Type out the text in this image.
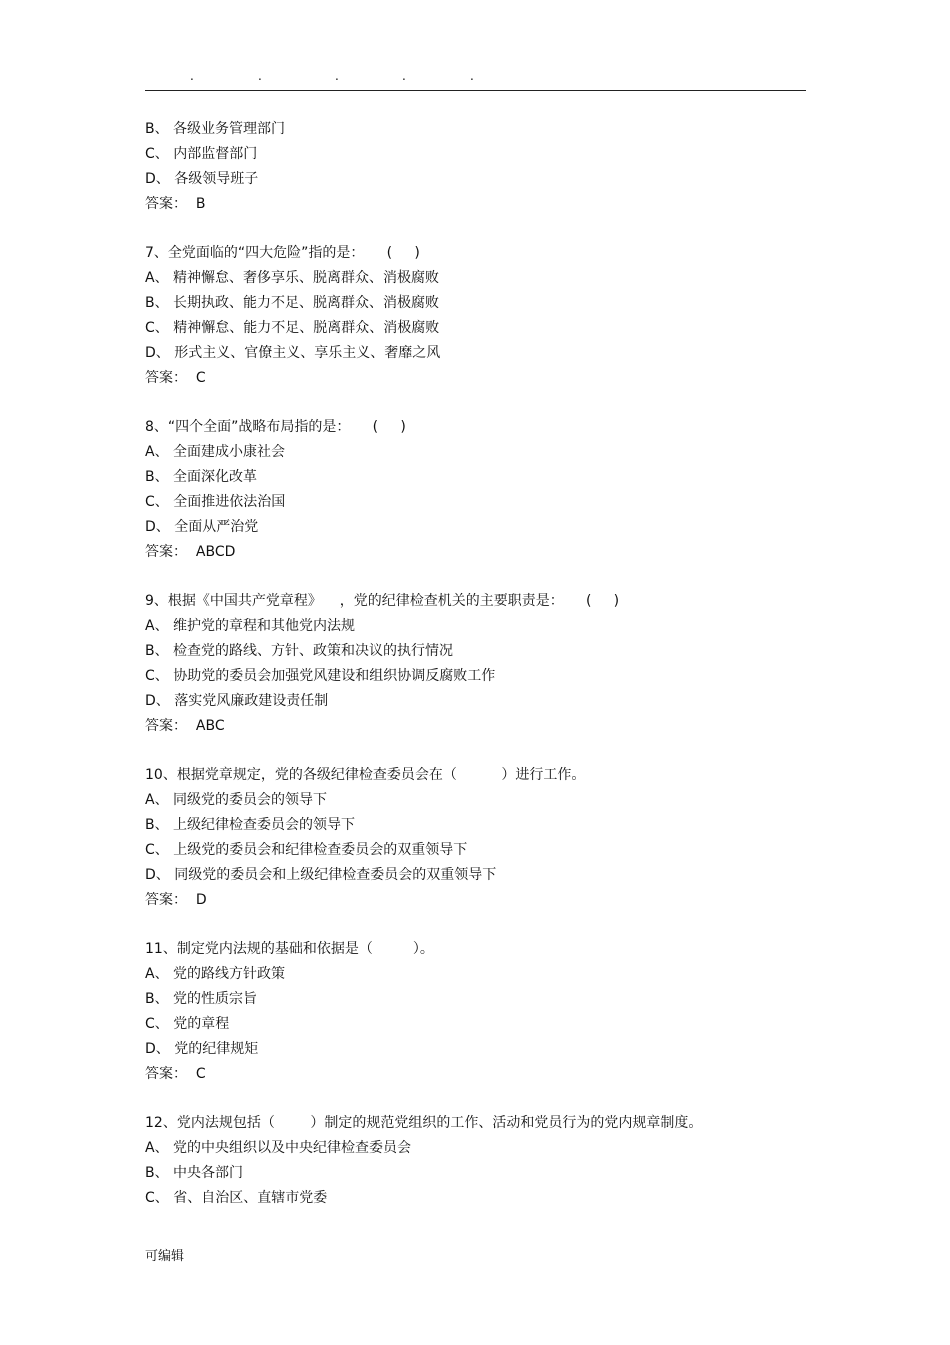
.	.	.	.	.
B、 各级业务管理部门
C、 内部监督部门
D、 各级领导班子
答案：  B
7、全党面临的“四大危险”指的是：     (     )
A、 精神懈怠、奢侈享乐、脱离群众、消极腐败
B、 长期执政、能力不足、脱离群众、消极腐败
C、 精神懈怠、能力不足、脱离群众、消极腐败
D、 形式主义、官僚主义、享乐主义、奢靡之风
答案：  C
8、“四个全面”战略布局指的是：     (     )
A、 全面建成小康社会
B、 全面深化改革
C、 全面推进依法治国
D、 全面从严治党
答案：  ABCD
9、根据《中国共产党章程》    ，党的纪律检查机关的主要职责是：     (     )
A、 维护党的章程和其他党内法规
B、 检查党的路线、方针、政策和决议的执行情况
C、 协助党的委员会加强党风建设和组织协调反腐败工作
D、 落实党风廉政建设责任制
答案：  ABC
10、根据党章规定，党的各级纪律检查委员会在（          ）进行工作。
A、 同级党的委员会的领导下
B、 上级纪律检查委员会的领导下
C、 上级党的委员会和纪律检查委员会的双重领导下
D、 同级党的委员会和上级纪律检查委员会的双重领导下
答案：  D
11、制定党内法规的基础和依据是（         ）。
A、 党的路线方针政策
B、 党的性质宗旨
C、 党的章程
D、 党的纪律规矩
答案：  C
12、党内法规包括（        ）制定的规范党组织的工作、活动和党员行为的党内规章制度。
A、 党的中央组织以及中央纪律检查委员会
B、 中央各部门
C、 省、自治区、直辖市党委
可编辑
